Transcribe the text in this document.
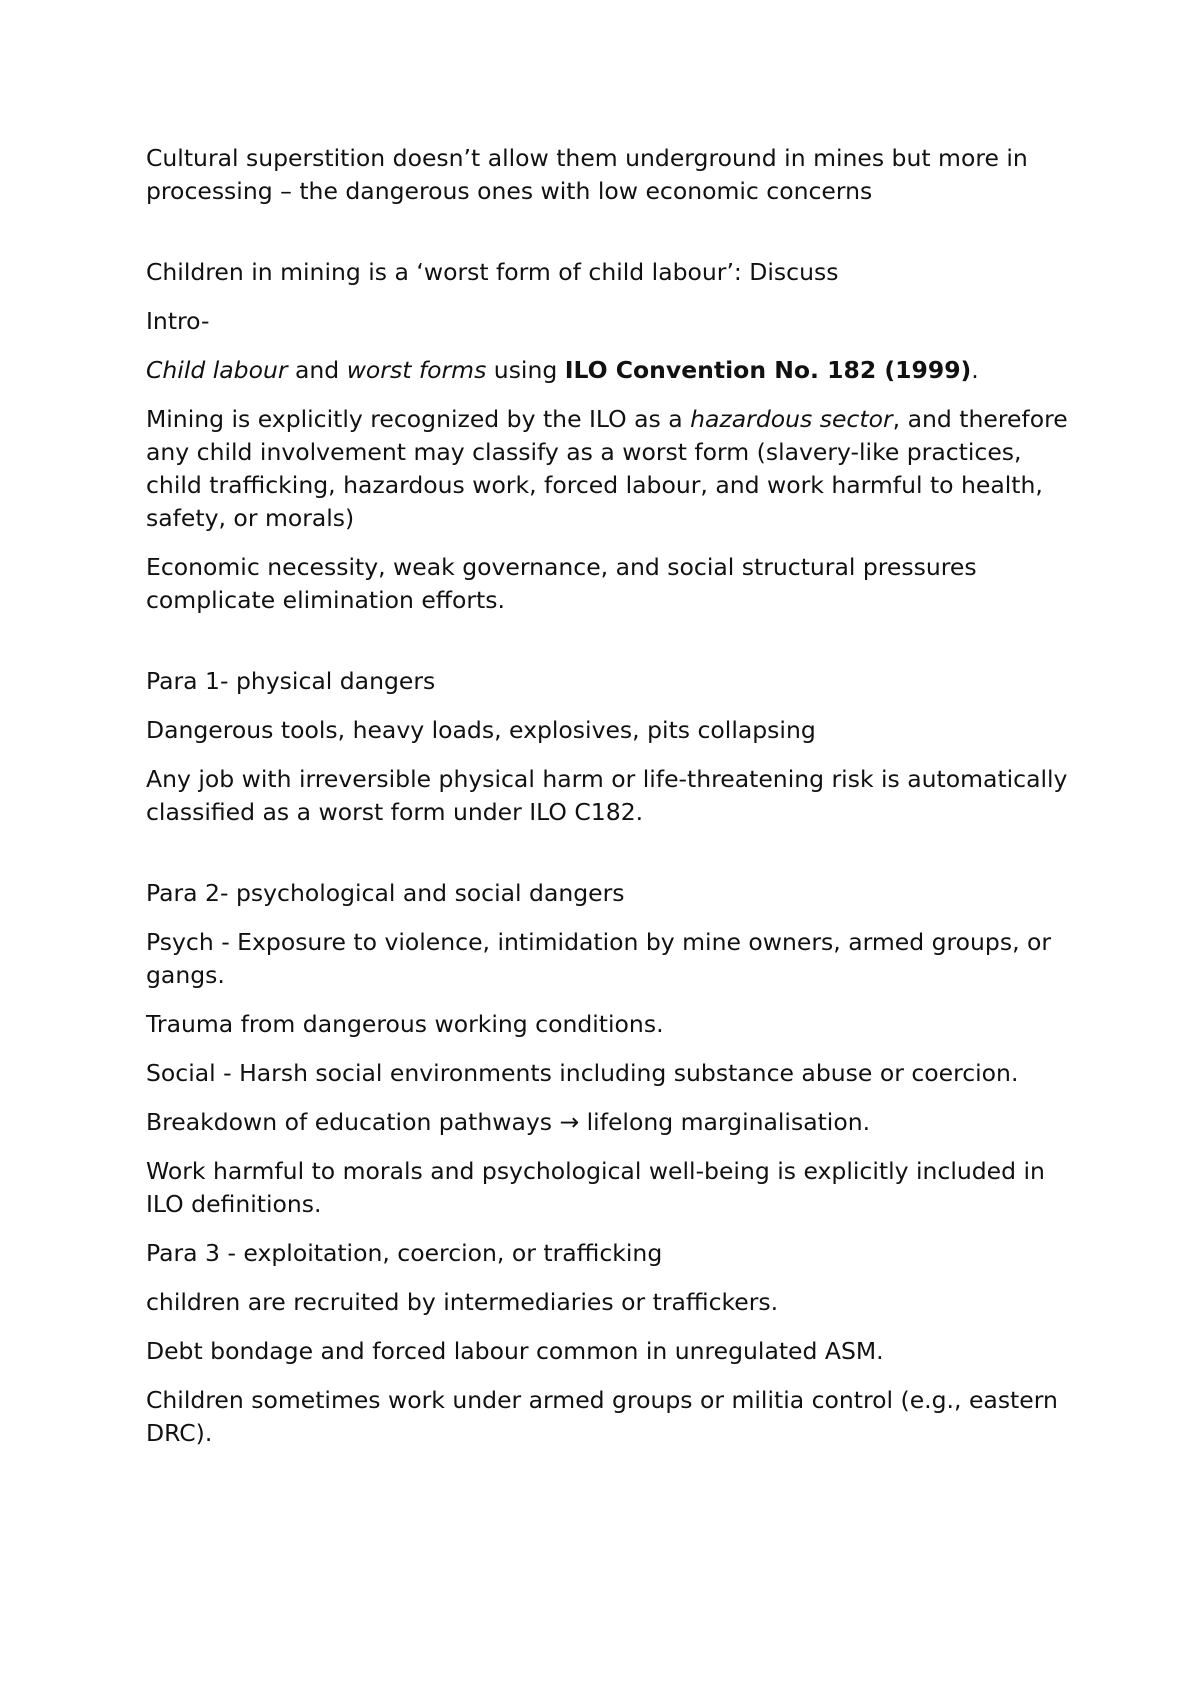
Cultural superstition doesn’t allow them underground in mines but more in processing – the dangerous ones with low economic concerns

Children in mining is a ‘worst form of child labour’: Discuss

Intro-

Child labour and worst forms using ILO Convention No. 182 (1999).

Mining is explicitly recognized by the ILO as a hazardous sector, and therefore any child involvement may classify as a worst form (slavery-like practices, child trafficking, hazardous work, forced labour, and work harmful to health, safety, or morals)

Economic necessity, weak governance, and social structural pressures complicate elimination efforts.

Para 1- physical dangers

Dangerous tools, heavy loads, explosives, pits collapsing

Any job with irreversible physical harm or life-threatening risk is automatically classified as a worst form under ILO C182.

Para 2- psychological and social dangers

Psych - Exposure to violence, intimidation by mine owners, armed groups, or gangs.

Trauma from dangerous working conditions.

Social - Harsh social environments including substance abuse or coercion.

Breakdown of education pathways → lifelong marginalisation.

Work harmful to morals and psychological well-being is explicitly included in ILO definitions.

Para 3 - exploitation, coercion, or trafficking

children are recruited by intermediaries or traffickers.

Debt bondage and forced labour common in unregulated ASM.

Children sometimes work under armed groups or militia control (e.g., eastern DRC).
